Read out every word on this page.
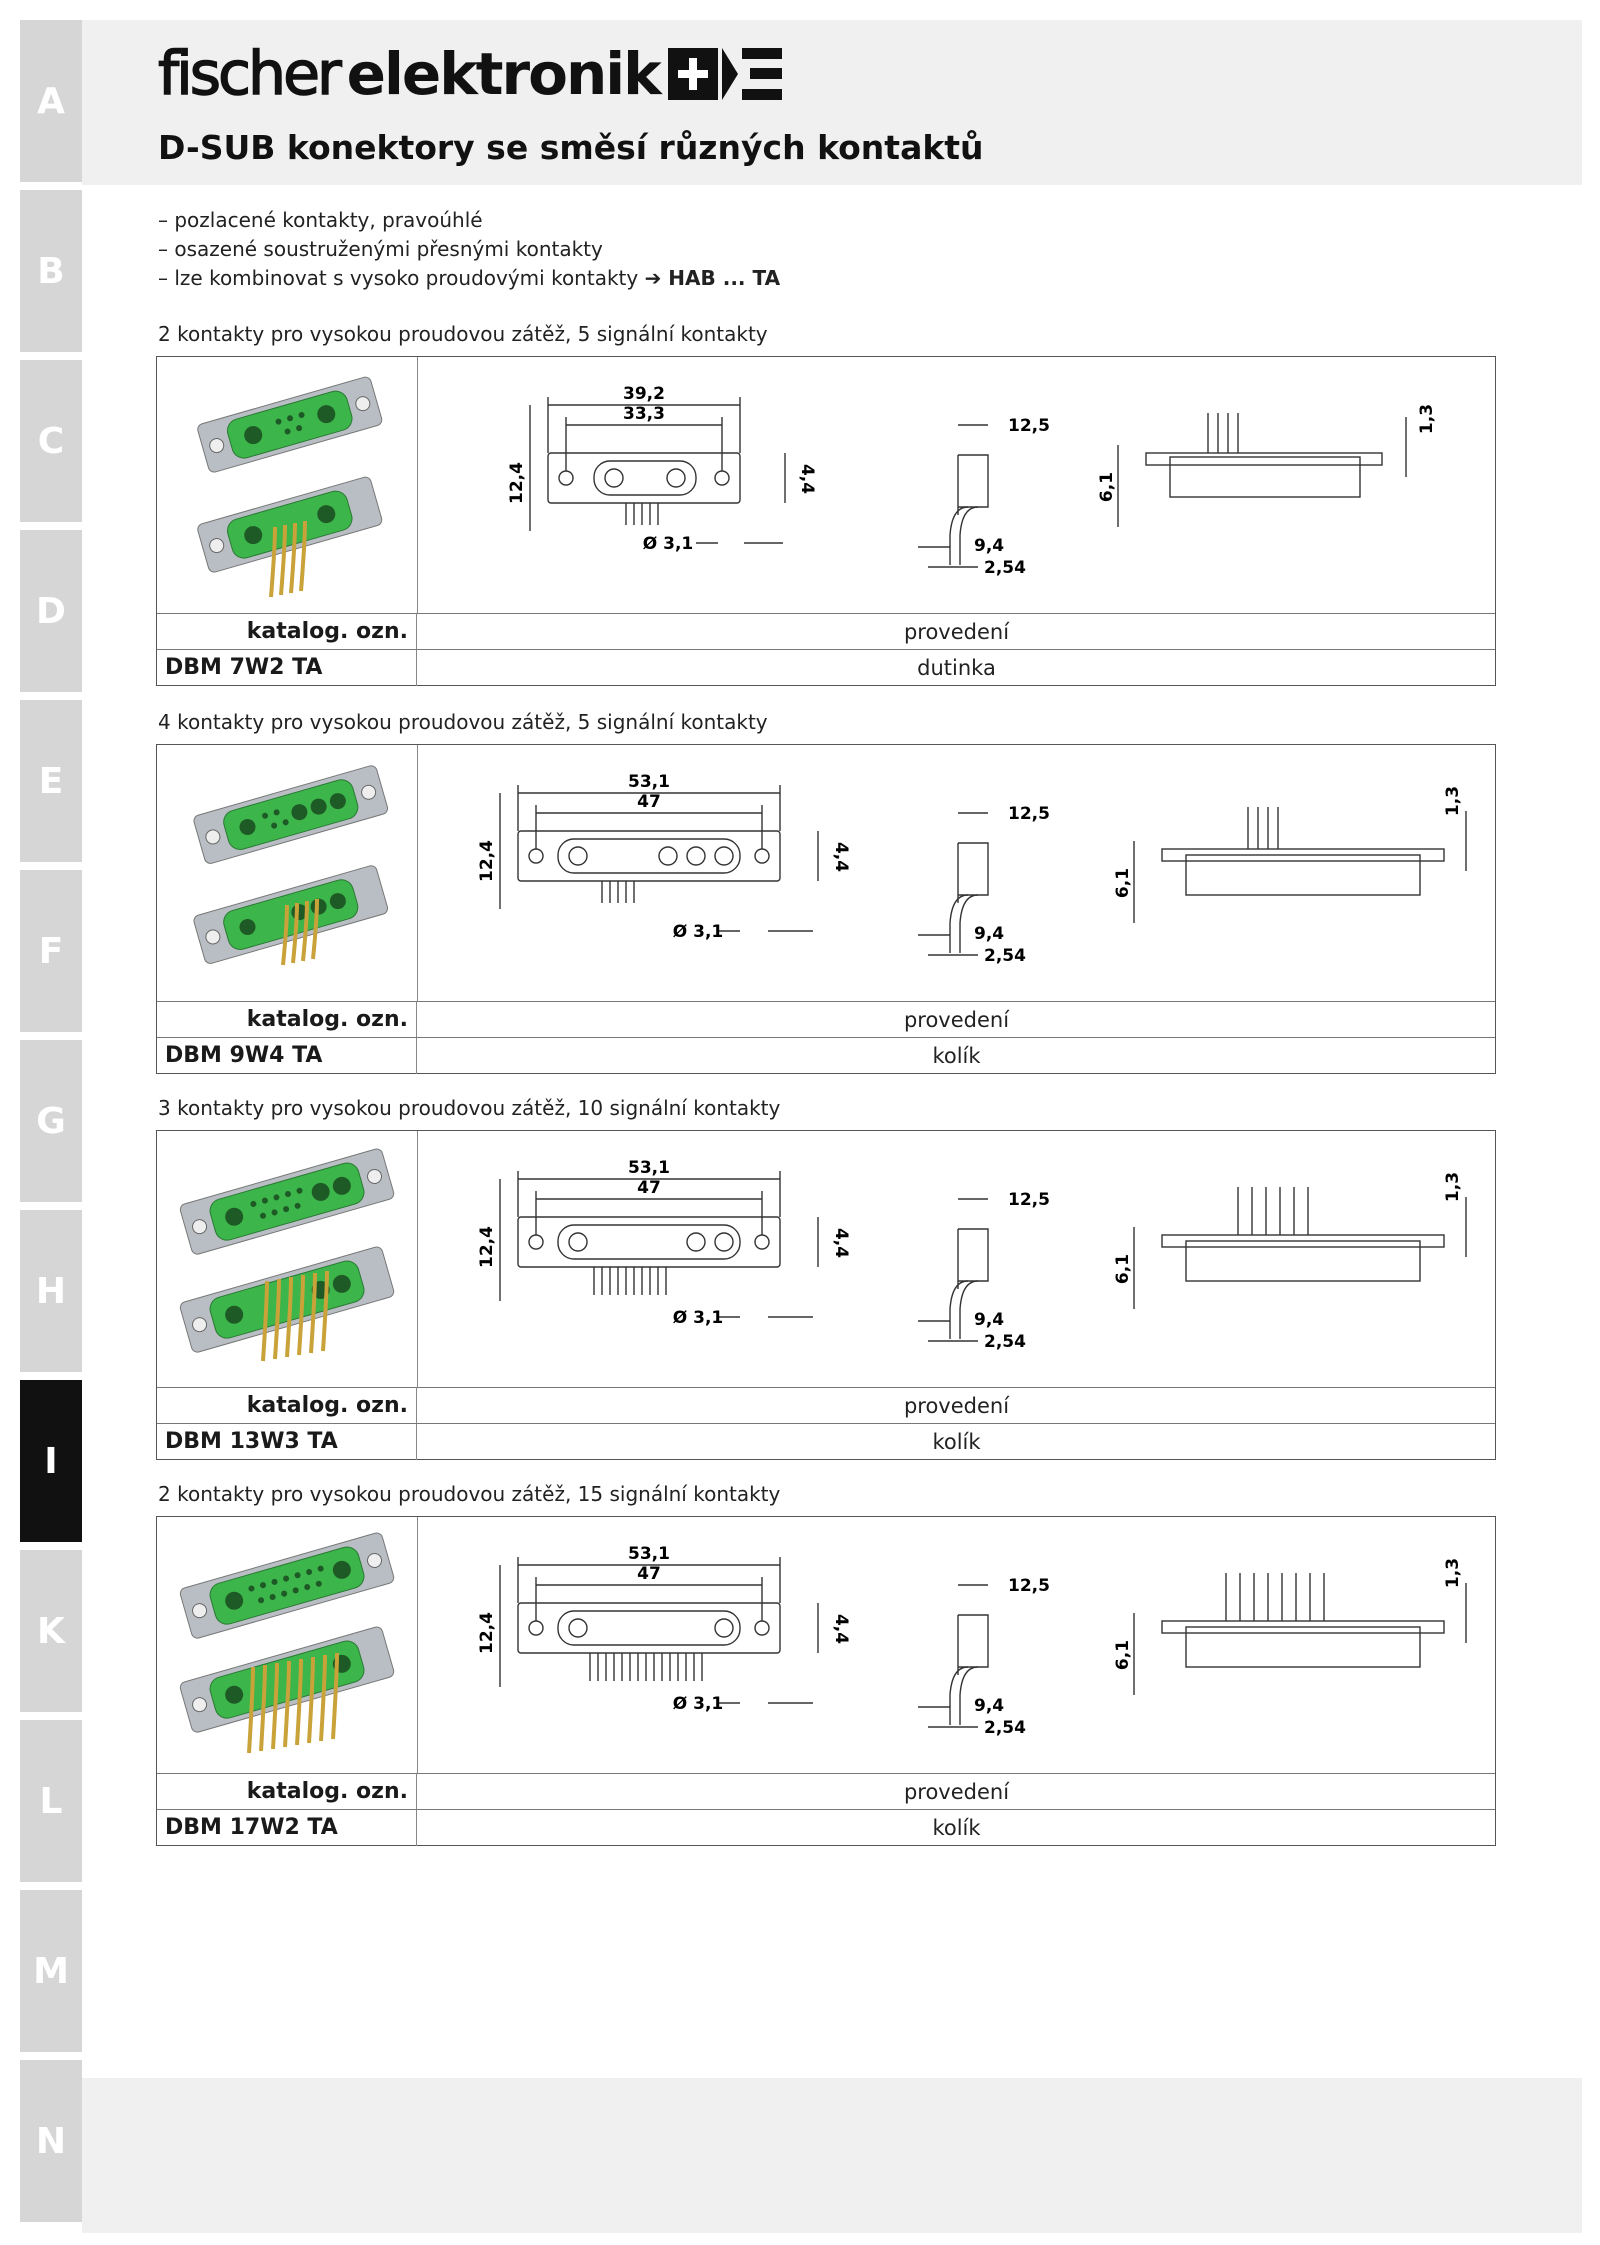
A
B
C
D
E
F
G
H
I
K
L
M
N
fischer elektronik
D-SUB konektory se směsí různých kontaktů
– pozlacené kontakty, pravoúhlé
– osazené soustruženými přesnými kontakty
– lze kombinovat s vysoko proudovými kontakty ➔ HAB ... TA
2 kontakty pro vysokou proudovou zátěž, 5 signální kontakty
39,2
33,3
12,4	4,4
Ø 3,1
12,5
9,4
2,54
6,1
1,3
katalog. ozn.	provedení
DBM 7W2 TA	dutinka
4 kontakty pro vysokou proudovou zátěž, 5 signální kontakty
53,1
47
12,4	4,4
Ø 3,1
12,5
9,4
2,54
6,1
1,3
katalog. ozn.	provedení
DBM 9W4 TA	kolík
3 kontakty pro vysokou proudovou zátěž, 10 signální kontakty
53,1
47
12,4	4,4
Ø 3,1
12,5
9,4
2,54
6,1
1,3
katalog. ozn.	provedení
DBM 13W3 TA	kolík
2 kontakty pro vysokou proudovou zátěž, 15 signální kontakty
53,1
47
12,4	4,4
Ø 3,1
12,5
9,4
2,54
6,1
1,3
katalog. ozn.	provedení
DBM 17W2 TA	kolík
